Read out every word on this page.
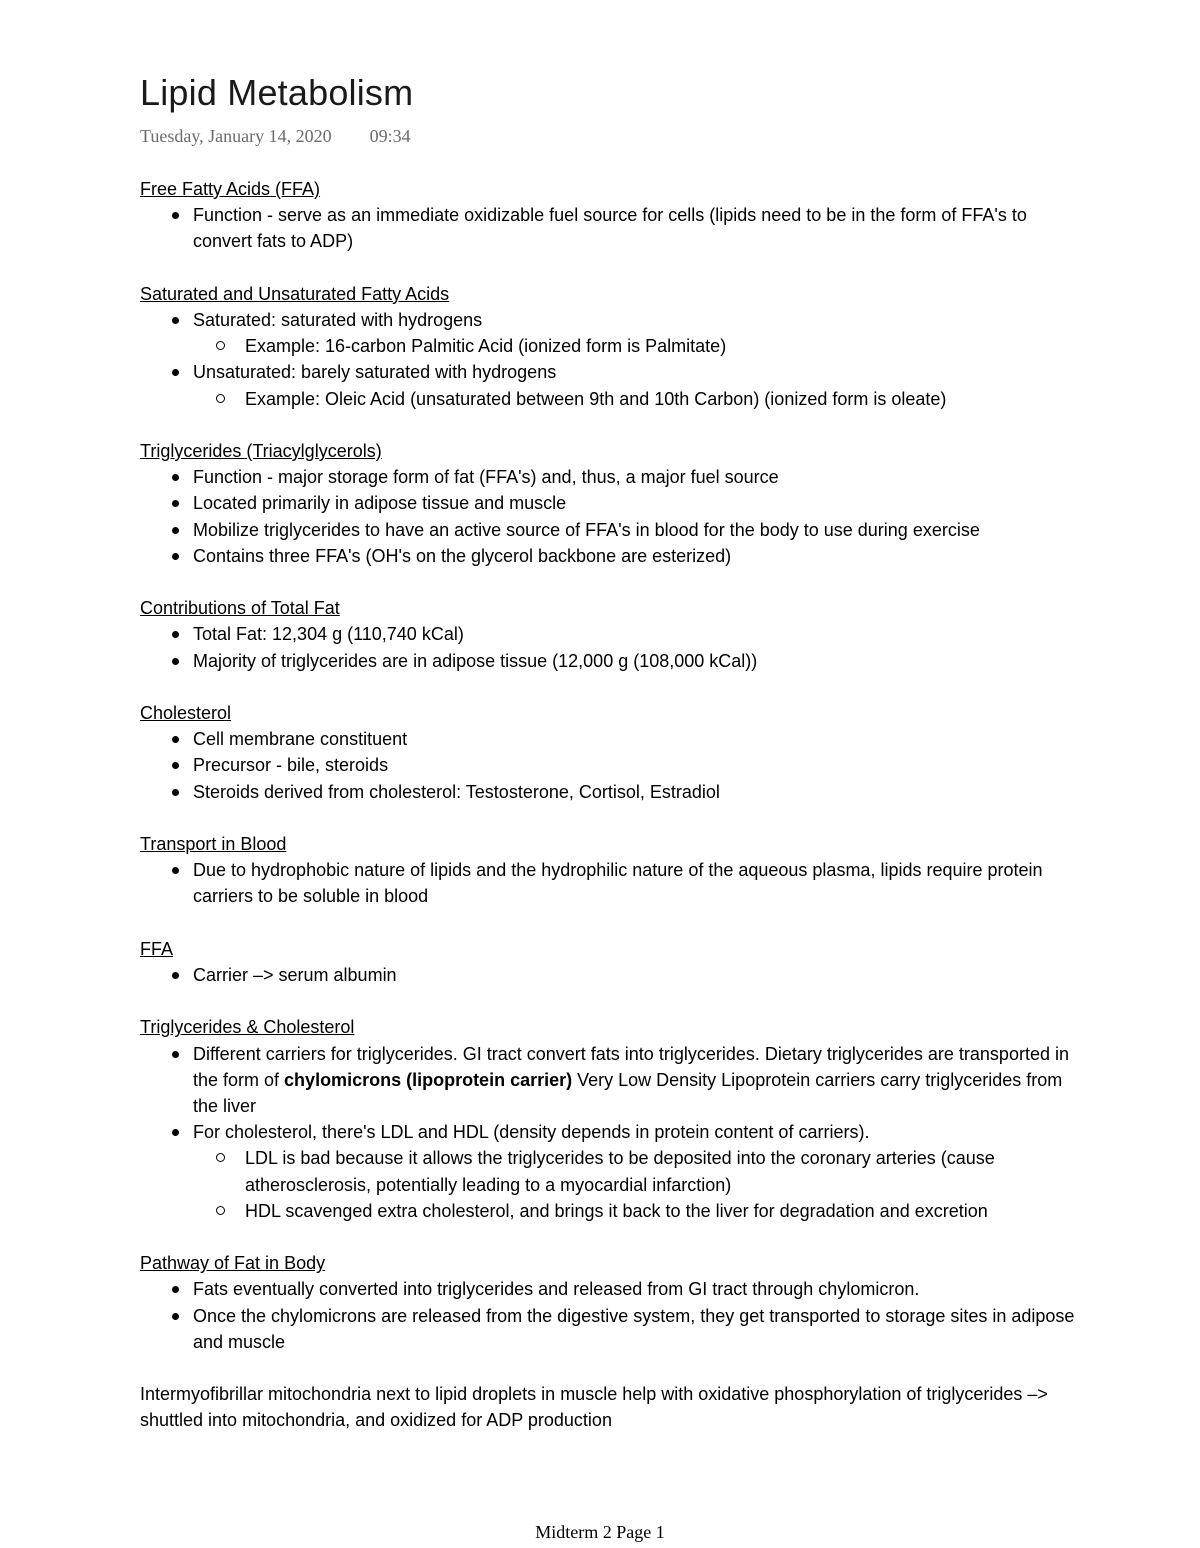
Lipid Metabolism
Tuesday, January 14, 2020 09:34
Free Fatty Acids (FFA)
Function - serve as an immediate oxidizable fuel source for cells (lipids need to be in the form of FFA's to convert fats to ADP)
Saturated and Unsaturated Fatty Acids
Saturated: saturated with hydrogens
Example: 16-carbon Palmitic Acid (ionized form is Palmitate)
Unsaturated: barely saturated with hydrogens
Example: Oleic Acid (unsaturated between 9th and 10th Carbon) (ionized form is oleate)
Triglycerides (Triacylglycerols)
Function - major storage form of fat (FFA's) and, thus, a major fuel source
Located primarily in adipose tissue and muscle
Mobilize triglycerides to have an active source of FFA's in blood for the body to use during exercise
Contains three FFA's (OH's on the glycerol backbone are esterized)
Contributions of Total Fat
Total Fat: 12,304 g (110,740 kCal)
Majority of triglycerides are in adipose tissue (12,000 g (108,000 kCal))
Cholesterol
Cell membrane constituent
Precursor - bile, steroids
Steroids derived from cholesterol: Testosterone, Cortisol, Estradiol
Transport in Blood
Due to hydrophobic nature of lipids and the hydrophilic nature of the aqueous plasma, lipids require protein carriers to be soluble in blood
FFA
Carrier –> serum albumin
Triglycerides & Cholesterol
Different carriers for triglycerides. GI tract convert fats into triglycerides. Dietary triglycerides are transported in the form of chylomicrons (lipoprotein carrier) Very Low Density Lipoprotein carriers carry triglycerides from the liver
For cholesterol, there's LDL and HDL (density depends in protein content of carriers).
LDL is bad because it allows the triglycerides to be deposited into the coronary arteries (cause atherosclerosis, potentially leading to a myocardial infarction)
HDL scavenged extra cholesterol, and brings it back to the liver for degradation and excretion
Pathway of Fat in Body
Fats eventually converted into triglycerides and released from GI tract through chylomicron.
Once the chylomicrons are released from the digestive system, they get transported to storage sites in adipose and muscle

Intermyofibrillar mitochondria next to lipid droplets in muscle help with oxidative phosphorylation of triglycerides –> shuttled into mitochondria, and oxidized for ADP production

Midterm 2 Page 1
